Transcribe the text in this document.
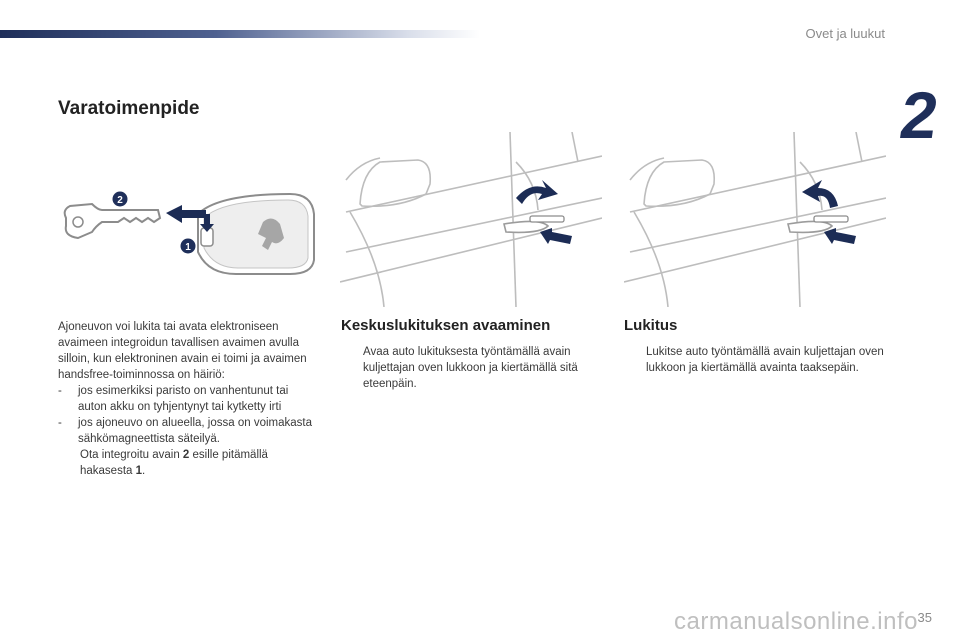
Ovet ja luukut
2
Varatoimenpide
2
1

Ajoneuvon voi lukita tai avata elektroniseen avaimeen integroidun tavallisen avaimen avulla silloin, kun elektroninen avain ei toimi ja avaimen handsfree-toiminnossa on häiriö:

- jos esimerkiksi paristo on vanhentunut tai auton akku on tyhjentynyt tai kytketty irti
- jos ajoneuvo on alueella, jossa on voimakasta sähkömagneettista säteilyä.
Ota integroitu avain 2 esille pitämällä hakasesta 1.
Keskuslukituksen avaaminen
Avaa auto lukituksesta työntämällä avain kuljettajan oven lukkoon ja kiertämällä sitä eteenpäin.
Lukitus
Lukitse auto työntämällä avain kuljettajan oven lukkoon ja kiertämällä avainta taaksepäin.
35
carmanualsonline.info
